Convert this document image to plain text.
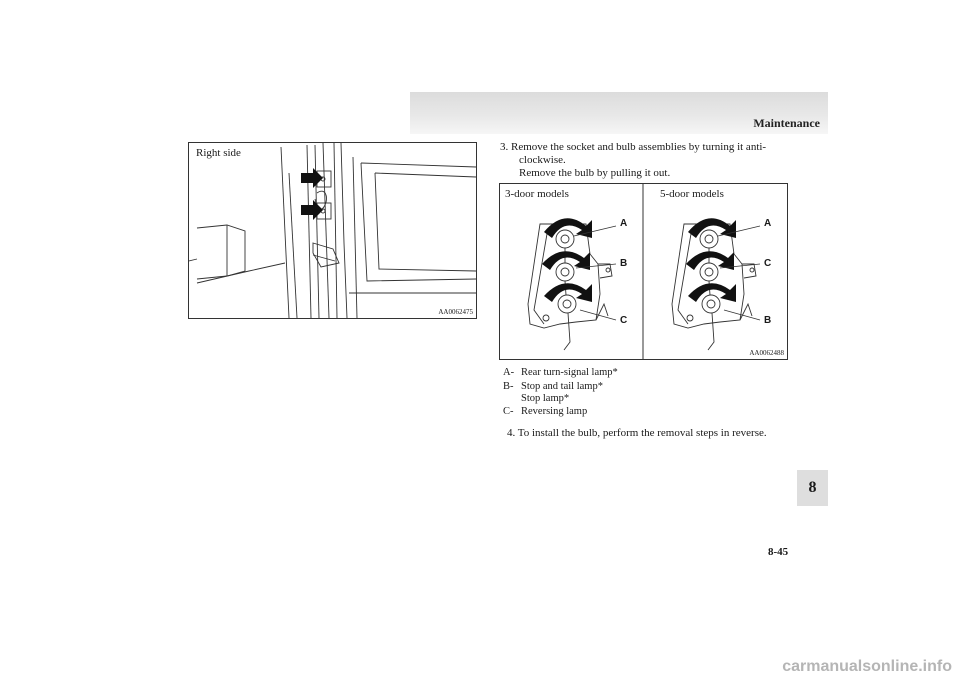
Maintenance
Right side
AA0062475
3. Remove the socket and bulb assemblies by turning it anti-
clockwise.
Remove the bulb by pulling it out.
3-door models	5-door models
A
B
C
A
C
B
AA0062488
A- Rear turn-signal lamp*
B- Stop and tail lamp*
Stop lamp*
C- Reversing lamp
4. To install the bulb, perform the removal steps in reverse.
8
8-45
carmanualsonline.info
